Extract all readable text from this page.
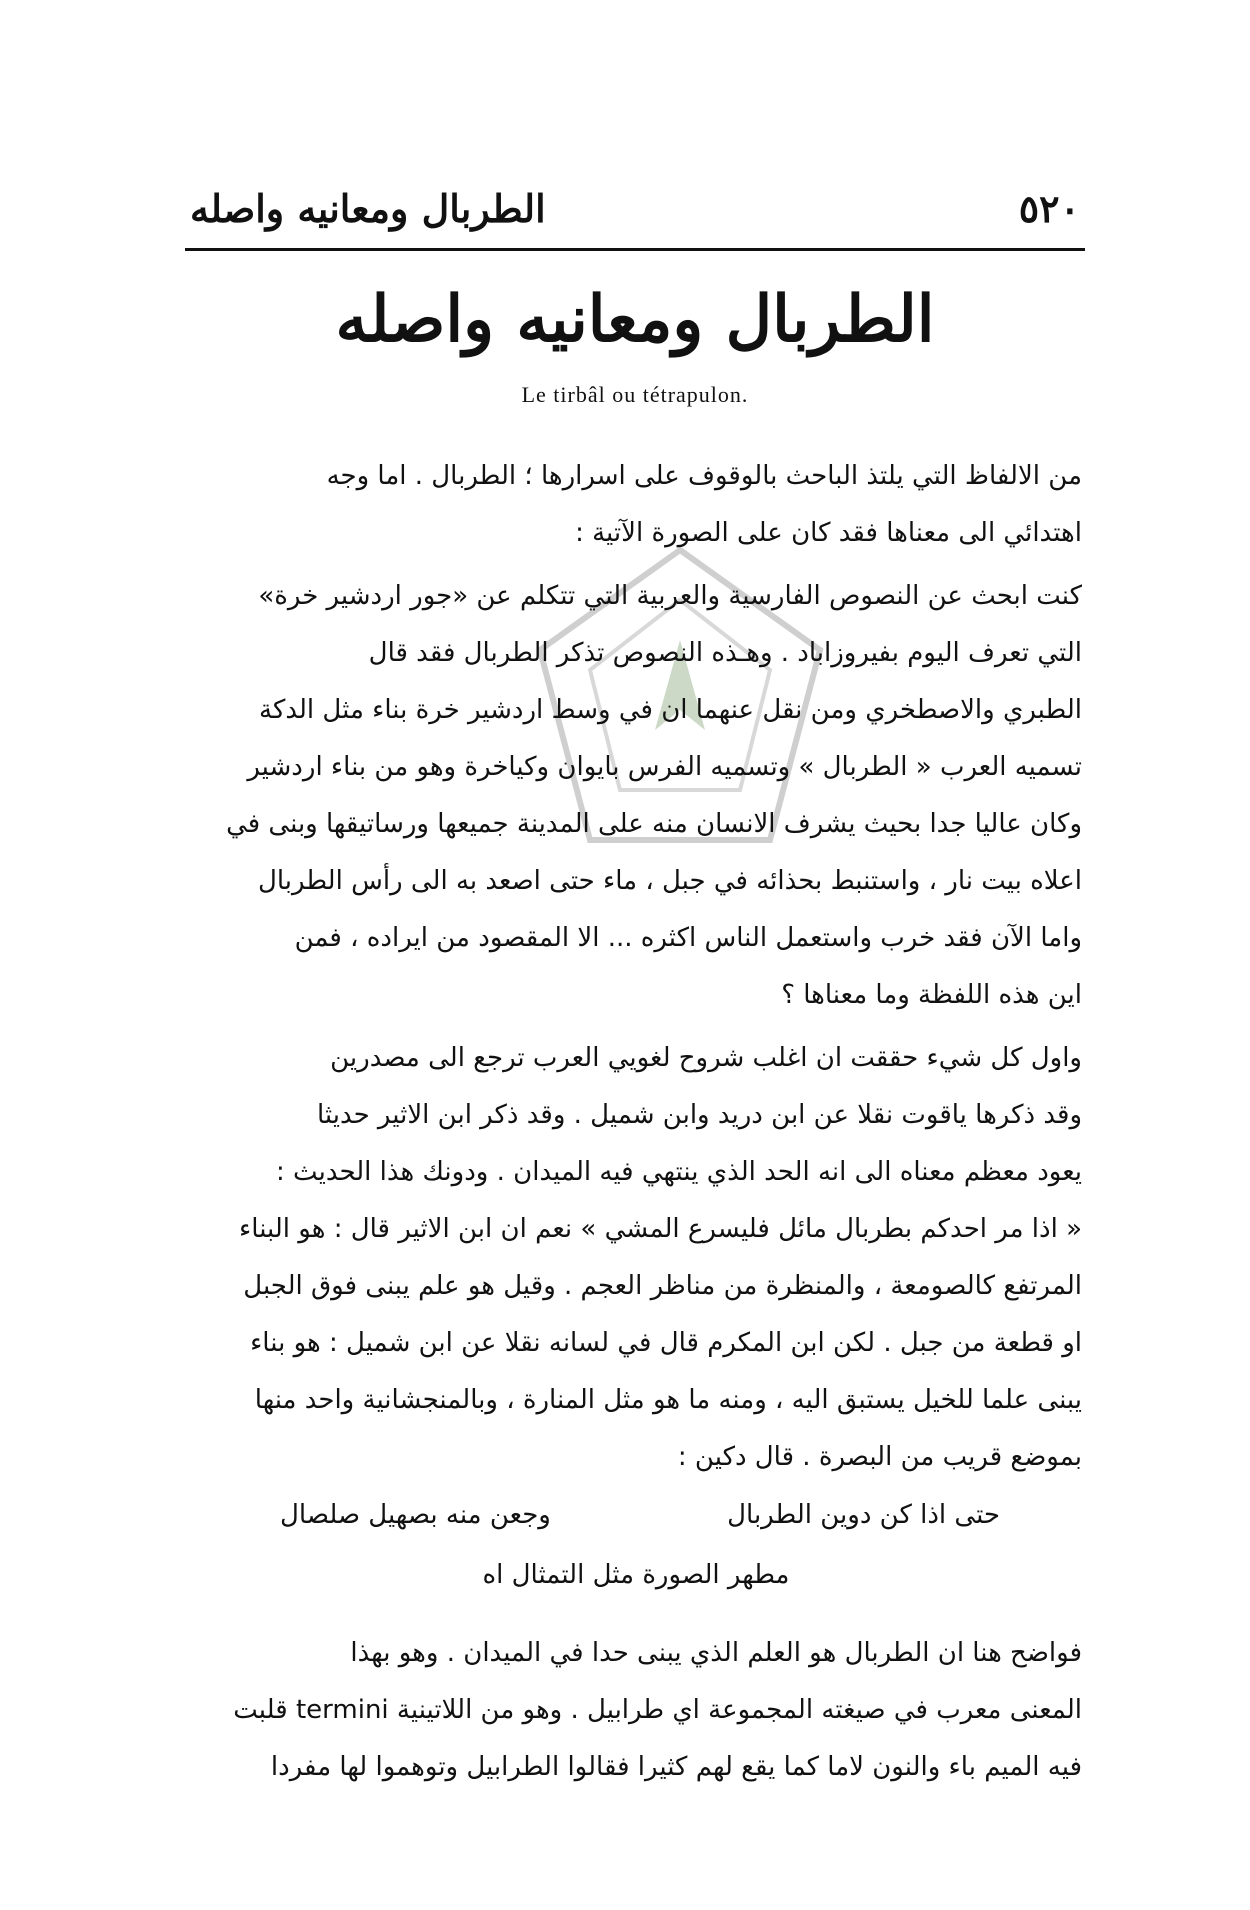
الطربال ومعانيه واصله	٥٢٠
الطربال ومعانيه واصله
Le tirbâl ou tétrapulon.
من الالفاظ التي يلتذ الباحث بالوقوف على اسرارها ؛ الطربال . اما وجه
اهتدائي الى معناها فقد كان على الصورة الآتية :
كنت ابحث عن النصوص الفارسية والعربية التي تتكلم عن «جور اردشير خرة»
التي تعرف اليوم بفيروزاباد . وهـذه النصوص تذكر الطربال فقد قال
الطبري والاصطخري ومن نقل عنهما ان في وسط اردشير خرة بناء مثل الدكة
تسميه العرب « الطربال » وتسميه الفرس بايوان وكياخرة وهو من بناء اردشير
وكان عاليا جدا بحيث يشرف الانسان منه على المدينة جميعها ورساتيقها وبنى في
اعلاه بيت نار ، واستنبط بحذائه في جبل ، ماء حتى اصعد به الى رأس الطربال
واما الآن فقد خرب واستعمل الناس اكثره ... الا المقصود من ايراده ، فمن
اين هذه اللفظة وما معناها ؟
واول كل شيء حققت ان اغلب شروح لغويي العرب ترجع الى مصدرين
وقد ذكرها ياقوت نقلا عن ابن دريد وابن شميل . وقد ذكر ابن الاثير حديثا
يعود معظم معناه الى انه الحد الذي ينتهي فيه الميدان . ودونك هذا الحديث :
« اذا مر احدكم بطربال مائل فليسرع المشي » نعم ان ابن الاثير قال : هو البناء
المرتفع كالصومعة ، والمنظرة من مناظر العجم . وقيل هو علم يبنى فوق الجبل
او قطعة من جبل . لكن ابن المكرم قال في لسانه نقلا عن ابن شميل : هو بناء
يبنى علما للخيل يستبق اليه ، ومنه ما هو مثل المنارة ، وبالمنجشانية واحد منها
بموضع قريب من البصرة . قال دكين :
حتى اذا كن دوين الطربال
وجعن منه بصهيل صلصال
مطهر الصورة مثل التمثال اه
فواضح هنا ان الطربال هو العلم الذي يبنى حدا في الميدان . وهو بهذا
المعنى معرب في صيغته المجموعة اي طرابيل . وهو من اللاتينية termini قلبت
فيه الميم باء والنون لاما كما يقع لهم كثيرا فقالوا الطرابيل وتوهموا لها مفردا
